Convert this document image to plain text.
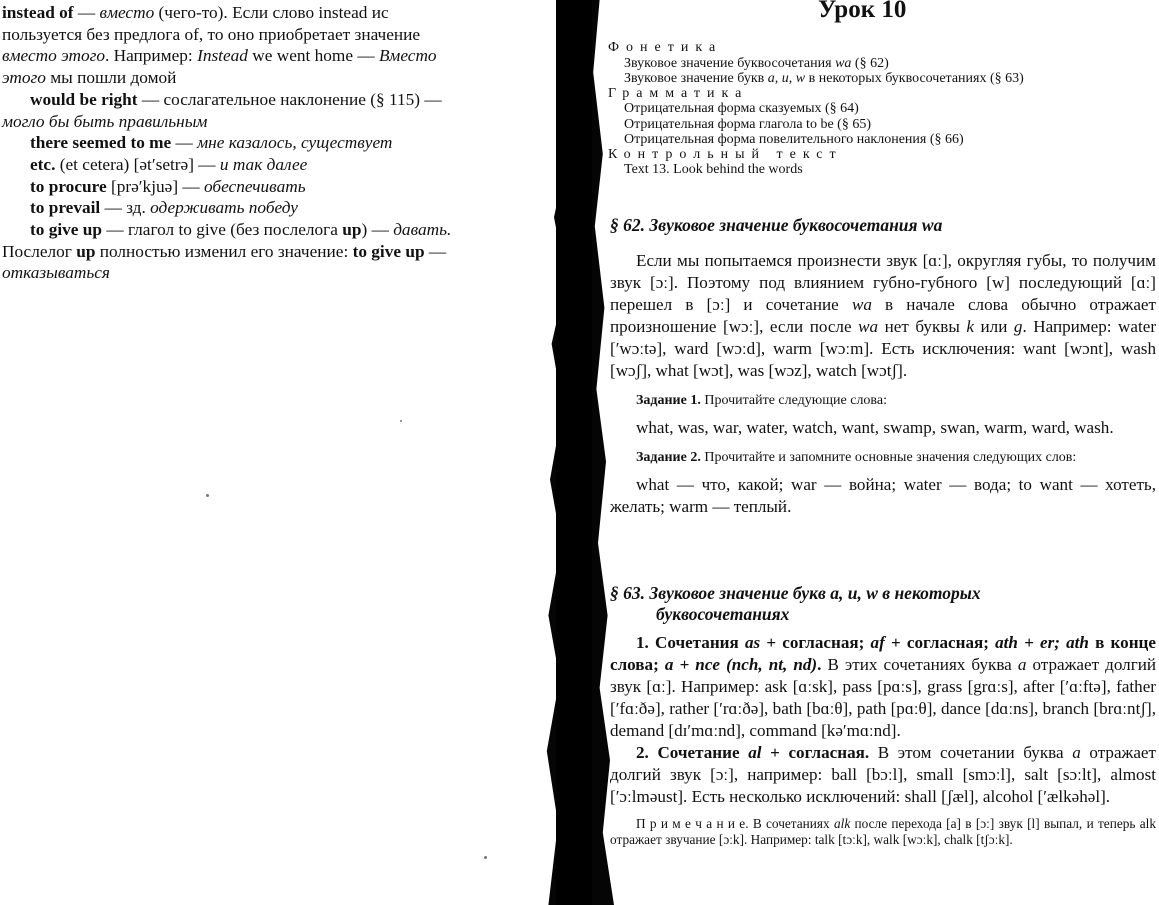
instead of — вместо (чего-то). Если слово instead ис

пользуется без предлога of, то оно приобретает значение

вместо этого. Например: Instead we went home — Вместо

этого мы пошли домой

would be right — сослагательное наклонение (§ 115) —

могло бы быть правильным

there seemed to me — мне казалось, существует

etc. (et cetera) [ət′setrə] — и так далее

to procure [prə′kjuə] — обеспечивать

to prevail — зд. одерживать победу

to give up — глагол to give (без послелога up) — давать.

Послелог up полностью изменил его значение: to give up —

отказываться

Урок 10

Фонетика

Звуковое значение буквосочетания wa (§ 62)

Звуковое значение букв a, u, w в некоторых буквосочетаниях (§ 63)

Грамматика

Отрицательная форма сказуемых (§ 64)

Отрицательная форма глагола to be (§ 65)

Отрицательная форма повелительного наклонения (§ 66)

Контрольный текст

Text 13. Look behind the words

§ 62. Звуковое значение буквосочетания wa

Если мы попытаемся произнести звук [ɑː], округляя губы, то получим звук [ɔː]. Поэтому под влиянием губно-губного [w] последующий [ɑː] перешел в [ɔː] и сочетание wa в начале слова обычно отражает произношение [wɔː], если после wa нет буквы k или g. Например: water [′wɔːtə], ward [wɔːd], warm [wɔːm]. Есть исключения: want [wɔnt], wash [wɔʃ], what [wɔt], was [wɔz], watch [wɔtʃ].

Задание 1. Прочитайте следующие слова:

what, was, war, water, watch, want, swamp, swan, warm, ward, wash.

Задание 2. Прочитайте и запомните основные значения следующих слов:

what — что, какой; war — война; water — вода; to want — хотеть, желать; warm — теплый.

§ 63. Звуковое значение букв a, u, w в некоторых

буквосочетаниях

1. Сочетания as + согласная; af + согласная; ath + er; ath в конце слова; a + nce (nch, nt, nd). В этих сочетаниях буква a отражает долгий звук [ɑː]. Например: ask [ɑːsk], pass [pɑːs], grass [grɑːs], after [′ɑːftə], father [′fɑːðə], rather [′rɑːðə], bath [bɑːθ], path [pɑːθ], dance [dɑːns], branch [brɑːntʃ], demand [dɪ′mɑːnd], command [kə′mɑːnd].

2. Сочетание al + согласная. В этом сочетании буква a отражает долгий звук [ɔː], например: ball [bɔːl], small [smɔːl], salt [sɔːlt], almost [′ɔːlməust]. Есть несколько исключений: shall [ʃæl], alcohol [′ælkəhəl].

П р и м е ч а н и е. В сочетаниях alk после перехода [a] в [ɔː] звук [l] выпал, и теперь alk отражает звучание [ɔːk]. Например: talk [tɔːk], walk [wɔːk], chalk [tʃɔːk].
